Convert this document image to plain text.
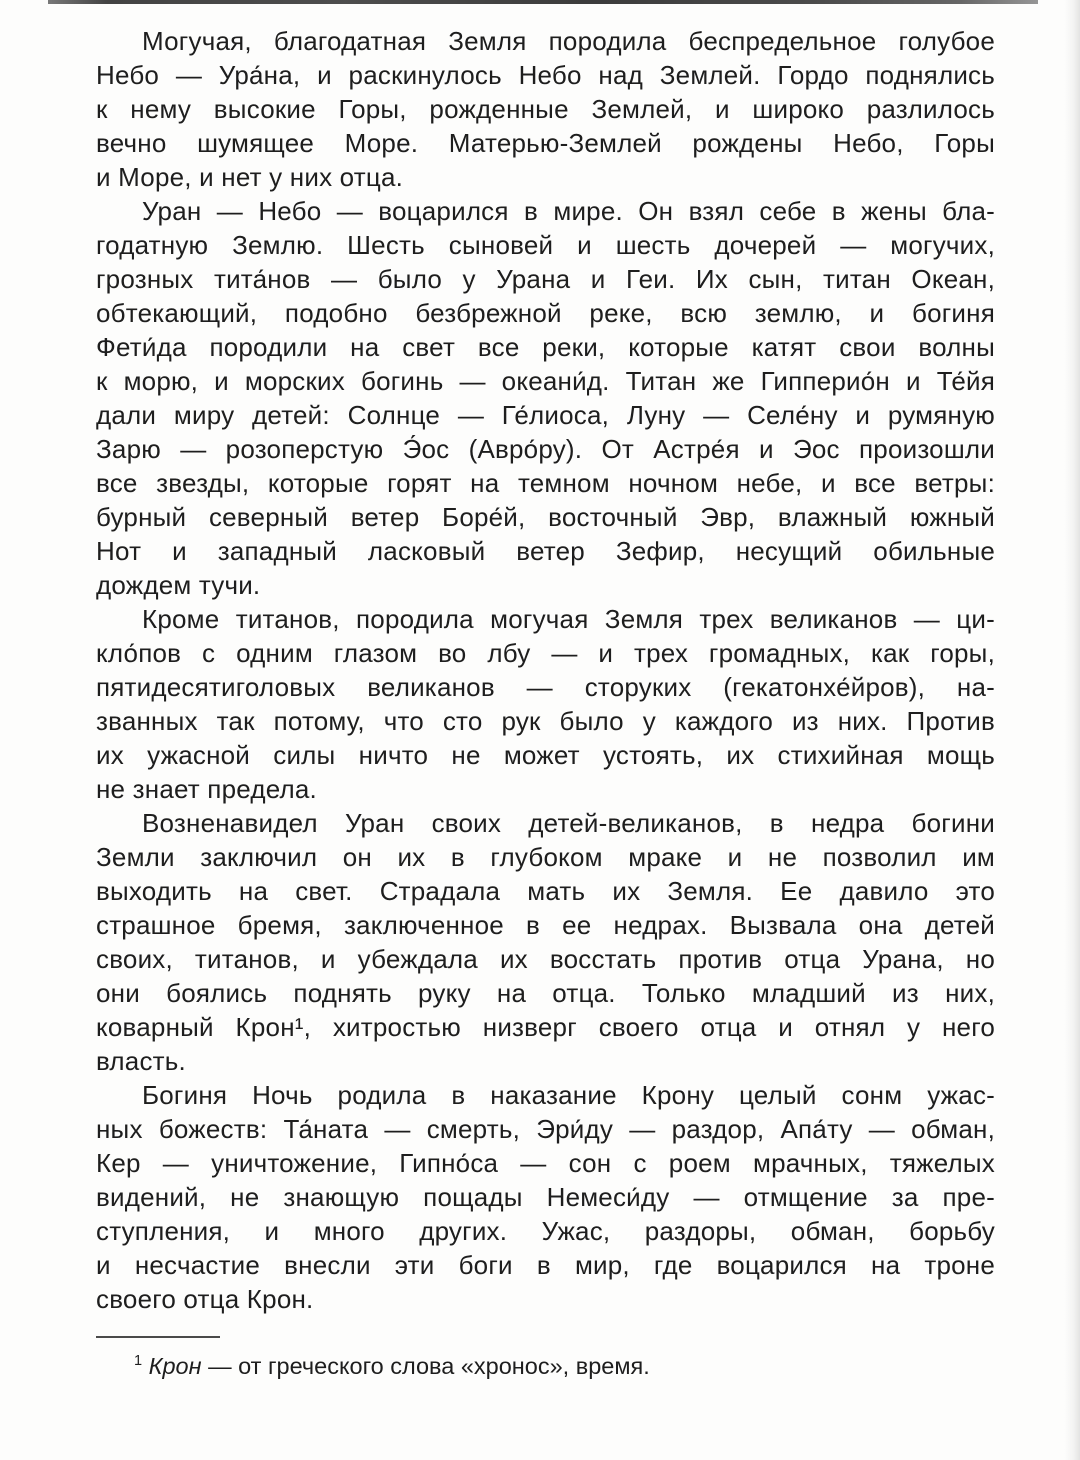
Могучая, благодатная Земля породила беспредельное голубое
Небо — Ура́на, и раскинулось Небо над Землей. Гордо поднялись
к нему высокие Горы, рожденные Землей, и широко разлилось
вечно шумящее Море. Матерью-Землей рождены Небо, Горы
и Море, и нет у них отца.
Уран — Небо — воцарился в мире. Он взял себе в жены бла-
годатную Землю. Шесть сыновей и шесть дочерей — могучих,
грозных тита́нов — было у Урана и Геи. Их сын, титан Океан,
обтекающий, подобно безбрежной реке, всю землю, и богиня
Фети́да породили на свет все реки, которые катят свои волны
к морю, и морских богинь — океани́д. Титан же Гипперио́н и Те́йя
дали миру детей: Солнце — Ге́лиоса, Луну — Селе́ну и румяную
Зарю — розоперстую Э́ос (Авро́ру). От Астре́я и Эос произошли
все звезды, которые горят на темном ночном небе, и все ветры:
бурный северный ветер Боре́й, восточный Эвр, влажный южный
Нот и западный ласковый ветер Зефир, несущий обильные
дождем тучи.
Кроме титанов, породила могучая Земля трех великанов — ци-
кло́пов с одним глазом во лбу — и трех громадных, как горы,
пятидесятиголовых великанов — сторуких (гекатонхе́йров), на-
званных так потому, что сто рук было у каждого из них. Против
их ужасной силы ничто не может устоять, их стихийная мощь
не знает предела.
Возненавидел Уран своих детей-великанов, в недра богини
Земли заключил он их в глубоком мраке и не позволил им
выходить на свет. Страдала мать их Земля. Ее давило это
страшное бремя, заключенное в ее недрах. Вызвала она детей
своих, титанов, и убеждала их восстать против отца Урана, но
они боялись поднять руку на отца. Только младший из них,
коварный Крон¹, хитростью низверг своего отца и отнял у него
власть.
Богиня Ночь родила в наказание Крону целый сонм ужас-
ных божеств: Та́ната — смерть, Эри́ду — раздор, Апа́ту — обман,
Кер — уничтожение, Гипно́са — сон с роем мрачных, тяжелых
видений, не знающую пощады Немеси́ду — отмщение за пре-
ступления, и много других. Ужас, раздоры, обман, борьбу
и несчастие внесли эти боги в мир, где воцарился на троне
своего отца Крон.

$^1$ Крон — от греческого слова «хронос», время.
